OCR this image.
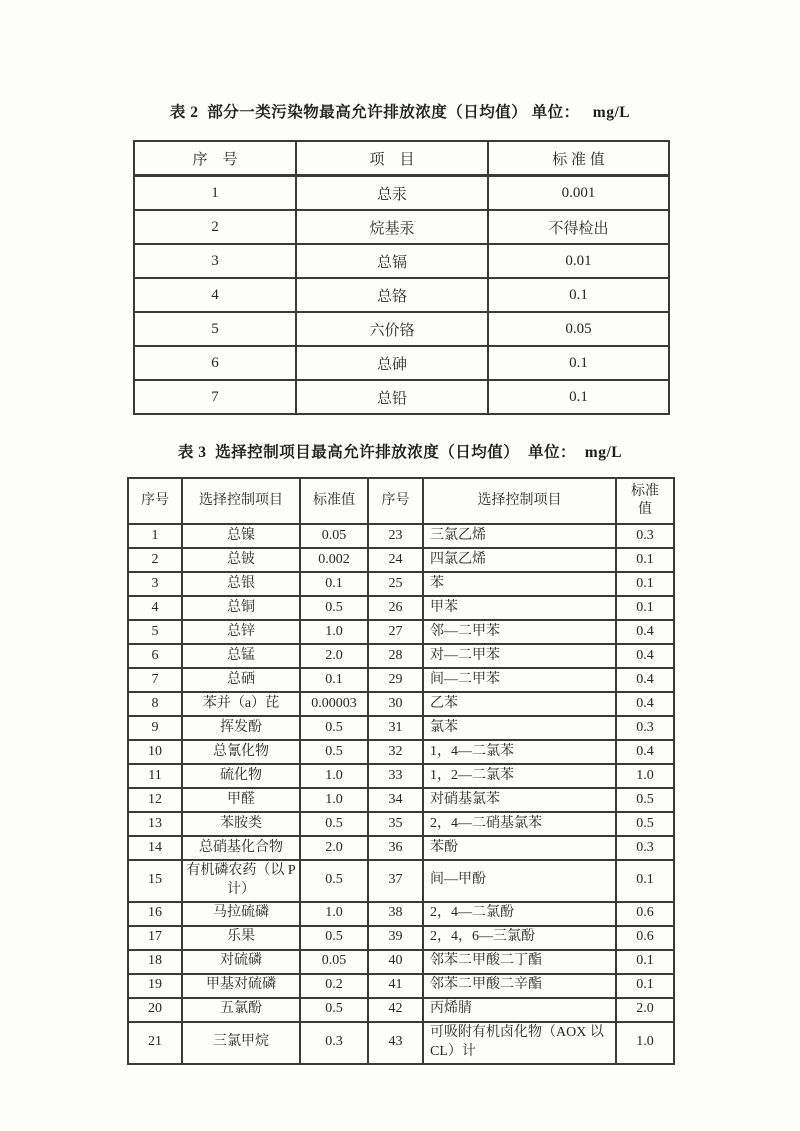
表 2  部分一类污染物最高允许排放浓度（日均值） 单位：   mg/L
序　号	项　目	标 准 值
1	总汞	0.001
2	烷基汞	不得检出
3	总镉	0.01
4	总铬	0.1
5	六价铬	0.05
6	总砷	0.1
7	总铅	0.1
表 3  选择控制项目最高允许排放浓度（日均值）  单位：  mg/L
序号	选择控制项目	标准值	序号	选择控制项目	标准值
1	总镍	0.05	23	三氯乙烯	0.3
2	总铍	0.002	24	四氯乙烯	0.1
3	总银	0.1	25	苯	0.1
4	总铜	0.5	26	甲苯	0.1
5	总锌	1.0	27	邻—二甲苯	0.4
6	总锰	2.0	28	对—二甲苯	0.4
7	总硒	0.1	29	间—二甲苯	0.4
8	苯并（a）芘	0.00003	30	乙苯	0.4
9	挥发酚	0.5	31	氯苯	0.3
10	总氰化物	0.5	32	1，4—二氯苯	0.4
11	硫化物	1.0	33	1，2—二氯苯	1.0
12	甲醛	1.0	34	对硝基氯苯	0.5
13	苯胺类	0.5	35	2，4—二硝基氯苯	0.5
14	总硝基化合物	2.0	36	苯酚	0.3
15	有机磷农药（以 P 计）	0.5	37	间—甲酚	0.1
16	马拉硫磷	1.0	38	2，4—二氯酚	0.6
17	乐果	0.5	39	2，4，6—三氯酚	0.6
18	对硫磷	0.05	40	邻苯二甲酸二丁酯	0.1
19	甲基对硫磷	0.2	41	邻苯二甲酸二辛酯	0.1
20	五氯酚	0.5	42	丙烯腈	2.0
21	三氯甲烷	0.3	43	可吸附有机卤化物（AOX 以 CL）计	1.0
